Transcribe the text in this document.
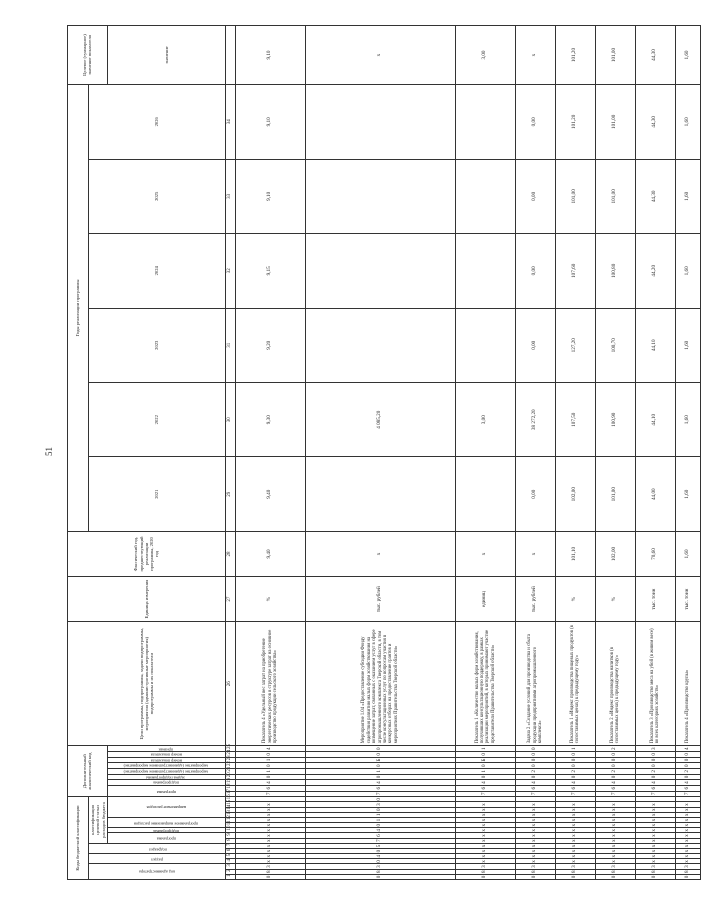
51
Коды бюджетной классификации																Дополнительный аналитический код									Цели программы, подпрограммы, задачи подпрограммы, мероприятия (административные мероприятия) подпрограммы и их показатели	Единица измерения	Фактический год, предшествующий реализации программы, 2020 год	Годы реализации программы						Целевое (суммарное) значение показателя
код администратора			раздел		подраздел		классификация целевой статьи расходов бюджета																					2021	2022	2023	2024	2025	2026	
							программа		подпрограмма	программное направление расходов		направление расходов				программа		подпрограмма	задача подпрограммы	мероприятие (административное мероприятие)	мероприятие (административное мероприятие)	номер показателя	номер показателя	признак										значение
1	2	3	4	5	6	7	8	9	10	11	12	13	14	15	16	17	18	19	20	21	22	23	24	25	26	27	28	29	30	31	32	33	34	
0	8	3	x	x	x	x	x	x	x	x	x	x	x	x		7	6	4	0	1	0	1	0	4	Показатель 4 «Удельный вес затрат на приобретение энергетических ресурсов в структуре затрат на основное производство продукции сельского хозяйства»	%	9,40	9,40	9,30	9,20	9,15	9,10	9,10	9,10
0	8	3	0	4	0	5	7	6	4	0	1	1	0	3	0	7	6	4	0	1	0	Б	0	0	Мероприятие 1.04 «Предоставление субсидии Фонду содействия развитию малых форм хозяйствования на возмещение затрат, связанных с оказанием услуг в сфере агропромышленного комплекса Тверской области, в том числе консультационных услуг по вопросам участия в конкурсных отборах на предоставление грантов и мероприятиях Правительства Тверской области»	тыс. рублей	x		4 085,20					x
0	8	3	x	x	x	x	x	x	x	x	x	x	x	x		7	6	4	0	1	0	Б	0	1	Показатель 1 «Количество малых форм хозяйствования, получивших консультационную поддержку, в рамках реализации мероприятий, в которых принимают участие представители Правительства Тверской области»	единиц	x		3,00					3,00
0	8	3	x	x	x	x	x	x	x	x	x	x	x	x		7	6	4	0	2	0	0	0	0	Задача 2 «Создание условий для производства и сбыта продукции предприятиями агропромышленного комплекса»	тыс. рублей	x	0,00	38 272,20	0,00	0,00	0,00	0,00	x
0	8	3	x	x	x	x	x	x	x	x	x	x	x	x		7	6	4	0	2	0	0	0	1	Показатель 1 «Индекс производства пищевых продуктов (в сопоставимых ценах) к предыдущему году»	%	101,10	102,00	107,50	127,20	107,60	101,00	101,20	101,20
0	8	3	x	x	x	x	x	x	x	x	x	x	x	x		7	6	4	0	2	0	0	0	2	Показатель 2 «Индекс производства напитков (в сопоставимых ценах) к предыдущему году»	%	102,00	101,00	100,90	100,70	100,80	101,00	101,00	101,00
0	8	3	x	x	x	x	x	x	x	x	x	x	x	x		7	6	4	0	2	0	0	0	3	Показатель 3 «Производство мяса на убой (в живом весе) во всех категориях хозяйств»	тыс. тонн	70,60	44,00	44,10	44,10	44,20	44,30	44,30	44,30
0	8	3	x	x	x	x	x	x	x	x	x	x	x	x		7	6	4	0	2	0	0	0	4	Показатель 4 «Производство крупы»	тыс. тонн	1,60	1,60	1,60	1,60	1,60	1,60	1,60	1,60
